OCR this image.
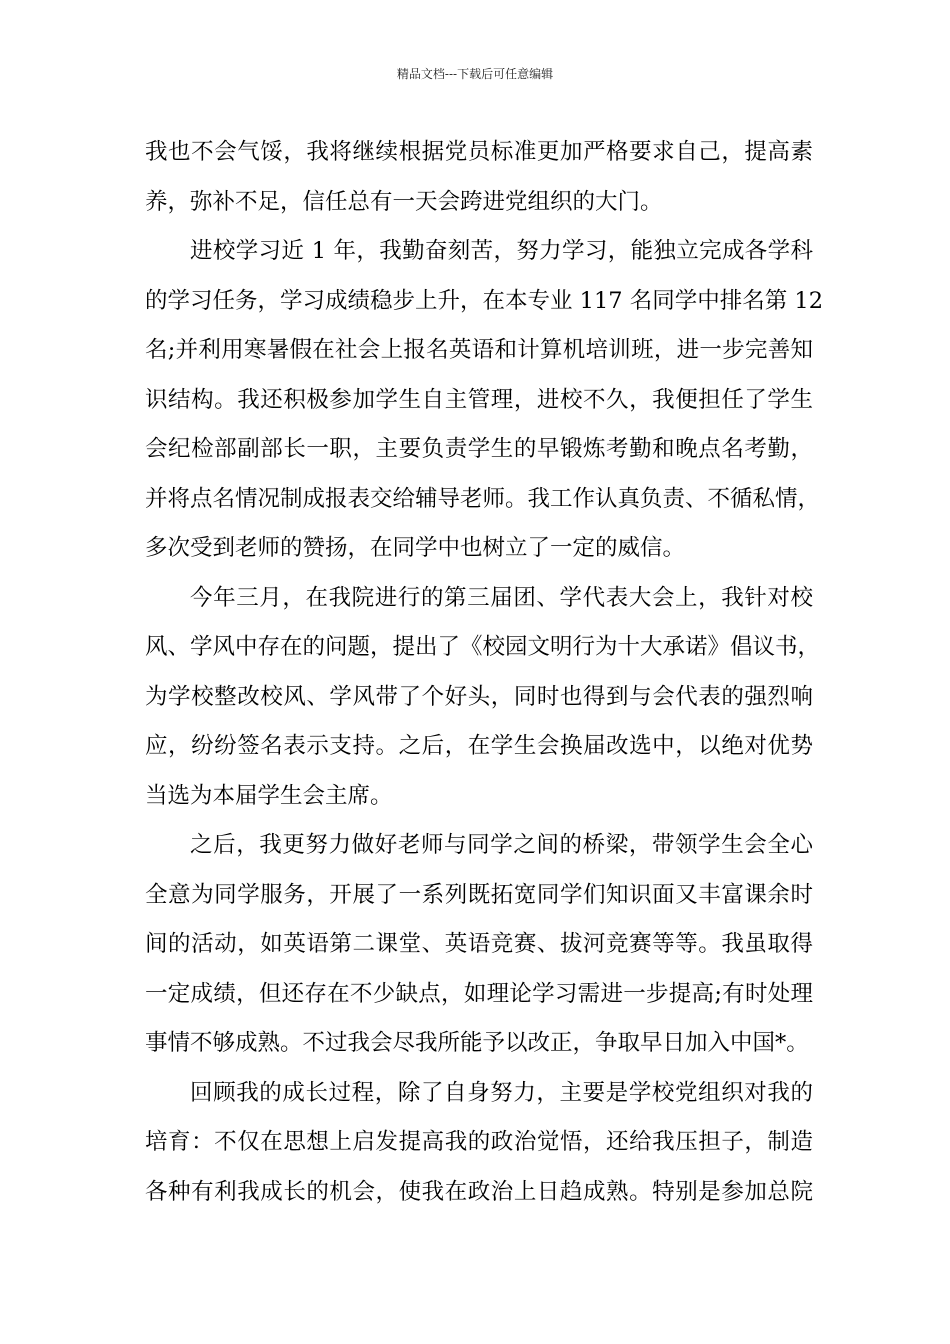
精品文档---下载后可任意编辑
我也不会气馁，我将继续根据党员标准更加严格要求自己，提高素
养，弥补不足，信任总有一天会跨进党组织的大门。
进校学习近 1 年，我勤奋刻苦，努力学习，能独立完成各学科
的学习任务，学习成绩稳步上升，在本专业 117 名同学中排名第 12
名;并利用寒暑假在社会上报名英语和计算机培训班，进一步完善知
识结构。我还积极参加学生自主管理，进校不久，我便担任了学生
会纪检部副部长一职，主要负责学生的早锻炼考勤和晚点名考勤，
并将点名情况制成报表交给辅导老师。我工作认真负责、不循私情，
多次受到老师的赞扬，在同学中也树立了一定的威信。
今年三月，在我院进行的第三届团、学代表大会上，我针对校
风、学风中存在的问题，提出了《校园文明行为十大承诺》倡议书，
为学校整改校风、学风带了个好头，同时也得到与会代表的强烈响
应，纷纷签名表示支持。之后，在学生会换届改选中，以绝对优势
当选为本届学生会主席。
之后，我更努力做好老师与同学之间的桥梁，带领学生会全心
全意为同学服务，开展了一系列既拓宽同学们知识面又丰富课余时
间的活动，如英语第二课堂、英语竞赛、拔河竞赛等等。我虽取得
一定成绩，但还存在不少缺点，如理论学习需进一步提高;有时处理
事情不够成熟。不过我会尽我所能予以改正，争取早日加入中国*。
回顾我的成长过程，除了自身努力，主要是学校党组织对我的
培育：不仅在思想上启发提高我的政治觉悟，还给我压担子，制造
各种有利我成长的机会，使我在政治上日趋成熟。特别是参加总院
